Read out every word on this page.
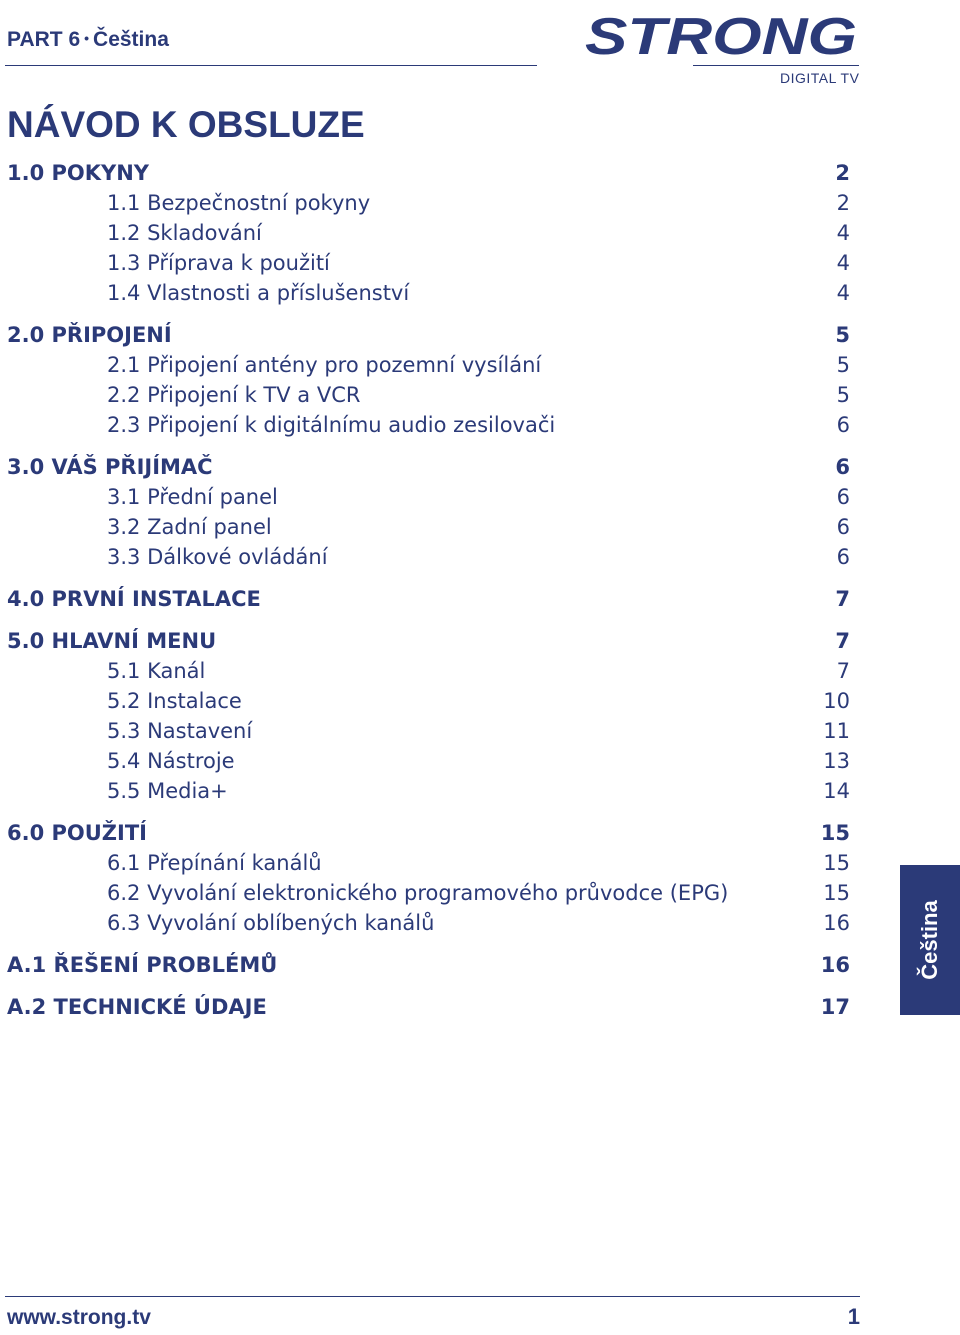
PART 6 • Čeština	STRONG
DIGITAL TV
NÁVOD K OBSLUZE
1.0 POKYNY	2
1.1 Bezpečnostní pokyny	2
1.2 Skladování	4
1.3 Příprava k použití	4
1.4 Vlastnosti a příslušenství	4
2.0 PŘIPOJENÍ	5
2.1 Připojení antény pro pozemní vysílání	5
2.2 Připojení k TV a VCR	5
2.3 Připojení k digitálnímu audio zesilovači	6
3.0 VÁŠ PŘIJÍMAČ	6
3.1 Přední panel	6
3.2 Zadní panel	6
3.3 Dálkové ovládání	6
4.0 PRVNÍ INSTALACE	7
5.0 HLAVNÍ MENU	7
5.1 Kanál	7
5.2 Instalace	10
5.3 Nastavení	11
5.4 Nástroje	13
5.5 Media+	14
6.0 POUŽITÍ	15
6.1 Přepínání kanálů	15
6.2 Vyvolání elektronického programového průvodce (EPG)	15
6.3 Vyvolání oblíbených kanálů	16
A.1 ŘEŠENÍ PROBLÉMŮ	16
A.2 TECHNICKÉ ÚDAJE	17
Čeština
www.strong.tv	1
